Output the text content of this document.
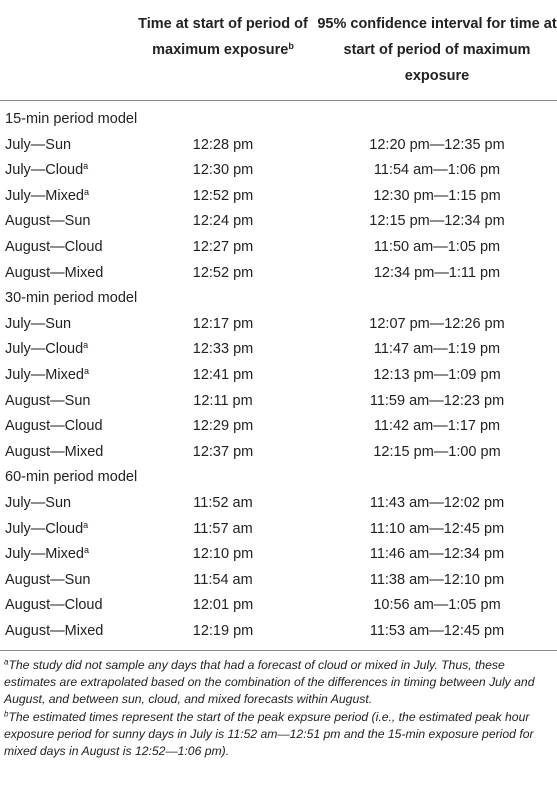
Time at start of period of maximum exposure$^b$
95% confidence interval for time at start of period of maximum exposure
15-min period model
July—Sun	12:28 pm	12:20 pm—12:35 pm
July—Cloud$^a$	12:30 pm	11:54 am—1:06 pm
July—Mixed$^a$	12:52 pm	12:30 pm—1:15 pm
August—Sun	12:24 pm	12:15 pm—12:34 pm
August—Cloud	12:27 pm	11:50 am—1:05 pm
August—Mixed	12:52 pm	12:34 pm—1:11 pm
30-min period model
July—Sun	12:17 pm	12:07 pm—12:26 pm
July—Cloud$^a$	12:33 pm	11:47 am—1:19 pm
July—Mixed$^a$	12:41 pm	12:13 pm—1:09 pm
August—Sun	12:11 pm	11:59 am—12:23 pm
August—Cloud	12:29 pm	11:42 am—1:17 pm
August—Mixed	12:37 pm	12:15 pm—1:00 pm
60-min period model
July—Sun	11:52 am	11:43 am—12:02 pm
July—Cloud$^a$	11:57 am	11:10 am—12:45 pm
July—Mixed$^a$	12:10 pm	11:46 am—12:34 pm
August—Sun	11:54 am	11:38 am—12:10 pm
August—Cloud	12:01 pm	10:56 am—1:05 pm
August—Mixed	12:19 pm	11:53 am—12:45 pm
$^a$The study did not sample any days that had a forecast of cloud or mixed in July. Thus, these estimates are extrapolated based on the combination of the differences in timing between July and August, and between sun, cloud, and mixed forecasts within August.
$^b$The estimated times represent the start of the peak expsure period (i.e., the estimated peak hour exposure period for sunny days in July is 11:52 am—12:51 pm and the 15-min exposure period for mixed days in August is 12:52—1:06 pm).
